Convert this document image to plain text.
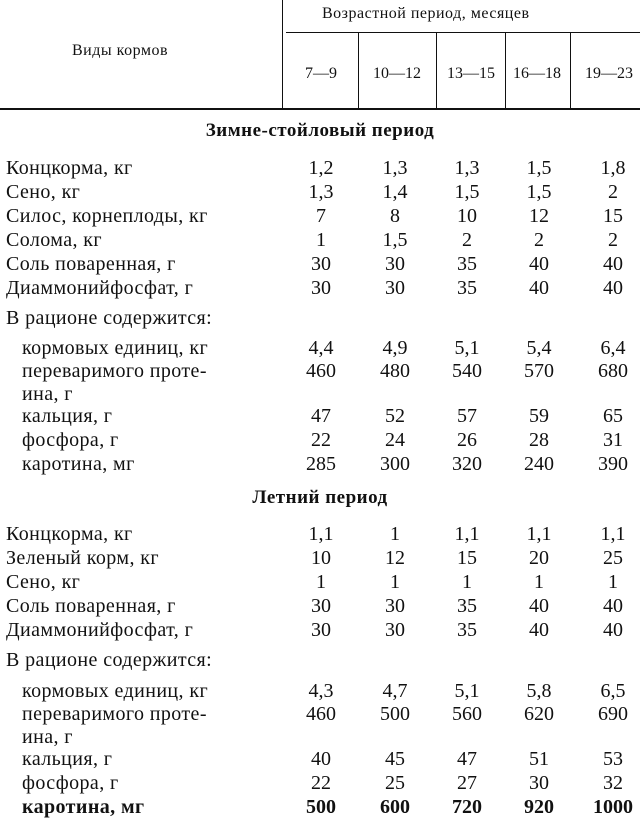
Виды кормов
Возрастной период, месяцев
7—9	10—12	13—15	16—18	19—23
Зимне-стойловый период
Летний период
Концкорма, кг	1,2	1,3	1,3	1,5	1,8
Сено, кг	1,3	1,4	1,5	1,5	2
Силос, корнеплоды, кг	7	8	10	12	15
Солома, кг	1	1,5	2	2	2
Соль поваренная, г	30	30	35	40	40
Диаммонийфосфат, г	30	30	35	40	40
В рационе содержится:
кормовых единиц, кг	4,4	4,9	5,1	5,4	6,4
переваримого проте-	460	480	540	570	680
ина, г
кальция, г	47	52	57	59	65
фосфора, г	22	24	26	28	31
каротина, мг	285	300	320	240	390
Концкорма, кг	1,1	1	1,1	1,1	1,1
Зеленый корм, кг	10	12	15	20	25
Сено, кг	1	1	1	1	1
Соль поваренная, г	30	30	35	40	40
Диаммонийфосфат, г	30	30	35	40	40
В рационе содержится:
кормовых единиц, кг	4,3	4,7	5,1	5,8	6,5
переваримого проте-	460	500	560	620	690
ина, г
кальция, г	40	45	47	51	53
фосфора, г	22	25	27	30	32
каротина, мг	500	600	720	920	1000
